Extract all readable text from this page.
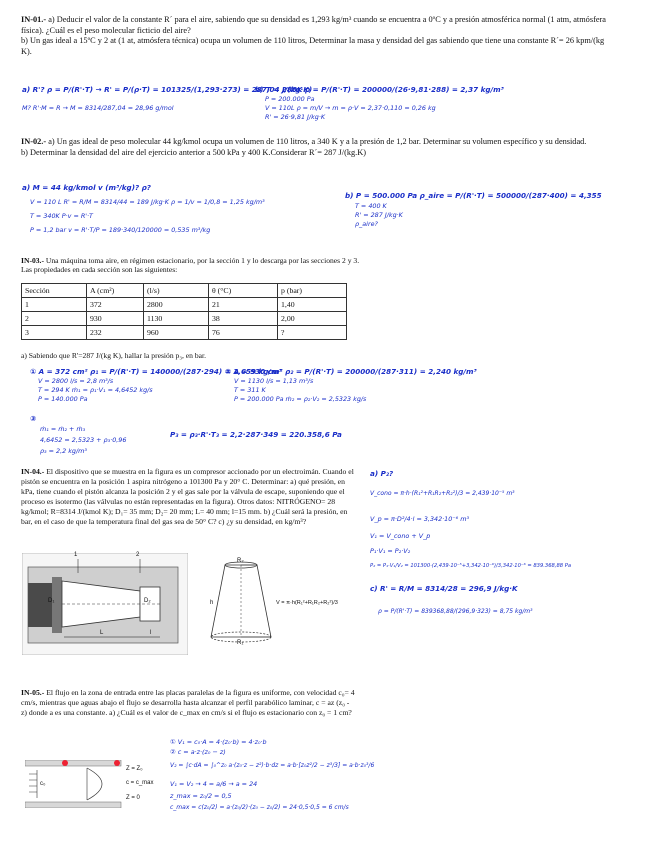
IN-01.- a) Deducir el valor de la constante R´ para el aire, sabiendo que su densidad es 1,293 kg/m³ cuando se encuentra a 0ºC y a presión atmosférica normal (1 atm, atmósfera física). ¿Cuál es el peso molecular ficticio del aire?
b) Un gas ideal a 15ºC y 2 at (1 at, atmósfera técnica) ocupa un volumen de 110 litros, Determinar la masa y densidad del gas sabiendo que tiene una constante R´= 26 kpm/(kg K).

a) R'? ρ = P/(R'·T) → R' = P/(ρ·T) = 101325/(1,293·273) = 287,04 J/(kg·K)
M? R'·M = R → M = 8314/287,04 = 28,96 g/mol
b) T = 288K ρ = P/(R'·T) = 200000/(26·9,81·288) = 2,37 kg/m³
P = 200.000 Pa
V = 110L ρ = m/V → m = ρ·V = 2,37·0,110 = 0,26 kg
R' = 26·9,81 J/kg·K

IN-02.- a) Un gas ideal de peso molecular 44 kg/kmol ocupa un volumen de 110 litros, a 340 K y a la presión de 1,2 bar. Determinar su volumen específico y su densidad.
b) Determinar la densidad del aire del ejercicio anterior a 500 kPa y 400 K.Considerar R´= 287 J/(kg.K)

a) M = 44 kg/kmol v (m³/kg)? ρ?
V = 110 L R' = R/M = 8314/44 = 189 J/kg·K ρ = 1/v = 1/0,8 = 1,25 kg/m³
T = 340K P·v = R'·T
P = 1,2 bar v = R'·T/P = 189·340/120000 = 0,535 m³/kg
b) P = 500.000 Pa ρ_aire = P/(R'·T) = 500000/(287·400) = 4,355
T = 400 K
R' = 287 J/kg·K
ρ_aire?

IN-03.- Una máquina toma aire, en régimen estacionario, por la sección 1 y lo descarga por las secciones 2 y 3. Las propiedades en cada sección son las siguientes:

Sección	A (cm²)	(l/s)	θ (°C)	p (bar)
1	372	2800	21	1,40
2	930	1130	38	2,00
3	232	960	76	?

a) Sabiendo que R'=287 J/(kg K), hallar la presión p₃, en bar.

① A = 372 cm² ρ₁ = P/(R'·T) = 140000/(287·294) = 1,659 kg/m³
V = 2800 l/s = 2,8 m³/s
T = 294 K ṁ₁ = ρ₁·V₁ = 4,6452 kg/s
P = 140.000 Pa
② A = 930 cm² ρ₂ = P/(R'·T) = 200000/(287·311) = 2,240 kg/m³
V = 1130 l/s = 1,13 m³/s
T = 311 K
P = 200.000 Pa ṁ₂ = ρ₂·V₂ = 2,5323 kg/s
③
ṁ₁ = ṁ₂ + ṁ₃
4,6452 = 2,5323 + ρ₃·0,96
ρ₃ = 2,2 kg/m³
P₃ = ρ₃·R'·T₃ = 2,2·287·349 = 220.358,6 Pa

IN-04.- El dispositivo que se muestra en la figura es un compresor accionado por un electroimán. Cuando el pistón se encuentra en la posición 1 aspira nitrógeno a 101300 Pa y 20° C. Determinar: a) qué presión, en kPa, tiene cuando el pistón alcanza la posición 2 y el gas sale por la válvula de escape, suponiendo que el proceso es isotermo (las válvulas no están representadas en la figura). Otros datos: NITRÓGENO= 28 kg/kmol; R=8314 J/(kmol K); D₁= 35 mm; D₂= 20 mm; L= 40 mm; l=15 mm. b) ¿Cuál será la presión, en bar, en el caso de que la temperatura final del gas sea de 50° C? c) ¿y su densidad, en kg/m³?

1	2
D₁	D₂
L	l
R₂
R₁
h	V = π·h(R₁²+R₁R₂+R₂²)/3
a) P₂?
V_cono = π·h·(R₁²+R₁R₂+R₂²)/3 = 2,439·10⁻⁵ m³
V_p = π·D²/4·l = 3,342·10⁻⁶ m³
V₁ = V_cono + V_p
P₁·V₁ = P₂·V₂
P₂ = P₁·V₁/V₂ = 101300·(2,439·10⁻⁵+3,342·10⁻⁶)/3,342·10⁻⁶ = 839.368,88 Pa
c) R' = R/M = 8314/28 = 296,9 J/kg·K
ρ = P/(R'·T) = 839368,88/(296,9·323) = 8,75 kg/m³

IN-05.- El flujo en la zona de entrada entre las placas paralelas de la figura es uniforme, con velocidad c₀= 4 cm/s, mientras que aguas abajo el flujo se desarrolla hasta alcanzar el perfil parabólico laminar, c = az (z₀ - z) donde a es una constante. a) ¿Cuál es el valor de c_max en cm/s si el flujo es estacionario con z₀ = 1 cm?

c₀
Z = Z₀
c = c_max
Z = 0
① V₁ = c₀·A = 4·(z₀·b) = 4·z₀·b
② c = a·z·(z₀ − z)
V₂ = ∫c·dA = ∫₀^z₀ a·(z₀·z − z²)·b·dz = a·b·[z₀z²/2 − z³/3] = a·b·z₀³/6
V₁ = V₂ → 4 = a/6 → a = 24
z_max = z₀/2 = 0,5
c_max = c(z₀/2) = a·(z₀/2)·(z₀ − z₀/2) = 24·0,5·0,5 = 6 cm/s
